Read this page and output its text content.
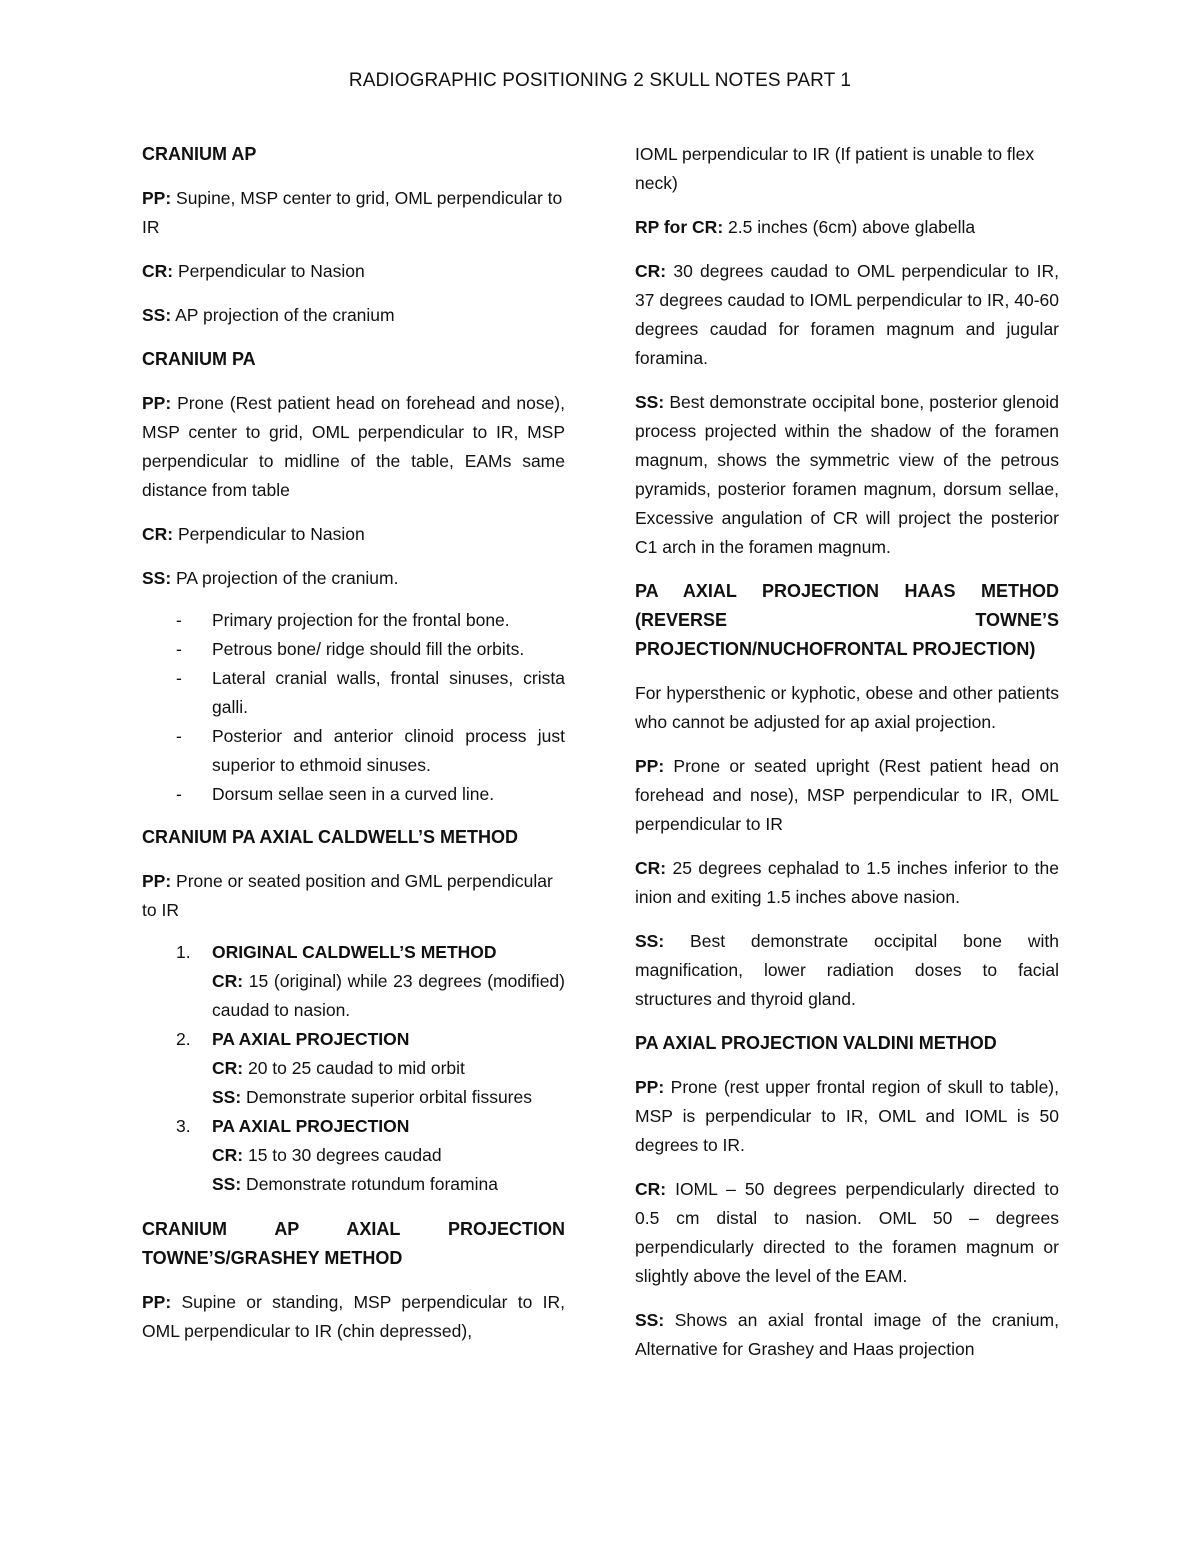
RADIOGRAPHIC POSITIONING 2 SKULL NOTES PART 1
CRANIUM AP

PP: Supine, MSP center to grid, OML perpendicular to IR

CR: Perpendicular to Nasion

SS: AP projection of the cranium

CRANIUM PA

PP: Prone (Rest patient head on forehead and nose), MSP center to grid, OML perpendicular to IR, MSP perpendicular to midline of the table, EAMs same distance from table

CR: Perpendicular to Nasion

SS: PA projection of the cranium.

- Primary projection for the frontal bone.
- Petrous bone/ ridge should fill the orbits.
- Lateral cranial walls, frontal sinuses, crista galli.
- Posterior and anterior clinoid process just superior to ethmoid sinuses.
- Dorsum sellae seen in a curved line.
CRANIUM PA AXIAL CALDWELL’S METHOD

PP: Prone or seated position and GML perpendicular to IR

1. ORIGINAL CALDWELL’S METHOD
CR: 15 (original) while 23 degrees (modified) caudad to nasion.
2. PA AXIAL PROJECTION
CR: 20 to 25 caudad to mid orbit
SS: Demonstrate superior orbital fissures
3. PA AXIAL PROJECTION
CR: 15 to 30 degrees caudad
SS: Demonstrate rotundum foramina
CRANIUM AP AXIAL PROJECTION
TOWNE’S/GRASHEY METHOD

PP: Supine or standing, MSP perpendicular to IR, OML perpendicular to IR (chin depressed),

IOML perpendicular to IR (If patient is unable to flex neck)

RP for CR: 2.5 inches (6cm) above glabella

CR: 30 degrees caudad to OML perpendicular to IR, 37 degrees caudad to IOML perpendicular to IR, 40-60 degrees caudad for foramen magnum and jugular foramina.

SS: Best demonstrate occipital bone, posterior glenoid process projected within the shadow of the foramen magnum, shows the symmetric view of the petrous pyramids, posterior foramen magnum, dorsum sellae, Excessive angulation of CR will project the posterior C1 arch in the foramen magnum.

PA AXIAL PROJECTION HAAS METHOD
(REVERSE TOWNE’S
PROJECTION/NUCHOFRONTAL PROJECTION)

For hypersthenic or kyphotic, obese and other patients who cannot be adjusted for ap axial projection.

PP: Prone or seated upright (Rest patient head on forehead and nose), MSP perpendicular to IR, OML perpendicular to IR

CR: 25 degrees cephalad to 1.5 inches inferior to the inion and exiting 1.5 inches above nasion.

SS: Best demonstrate occipital bone with magnification, lower radiation doses to facial structures and thyroid gland.

PA AXIAL PROJECTION VALDINI METHOD

PP: Prone (rest upper frontal region of skull to table), MSP is perpendicular to IR, OML and IOML is 50 degrees to IR.

CR: IOML – 50 degrees perpendicularly directed to 0.5 cm distal to nasion. OML 50 – degrees perpendicularly directed to the foramen magnum or slightly above the level of the EAM.

SS: Shows an axial frontal image of the cranium, Alternative for Grashey and Haas projection
